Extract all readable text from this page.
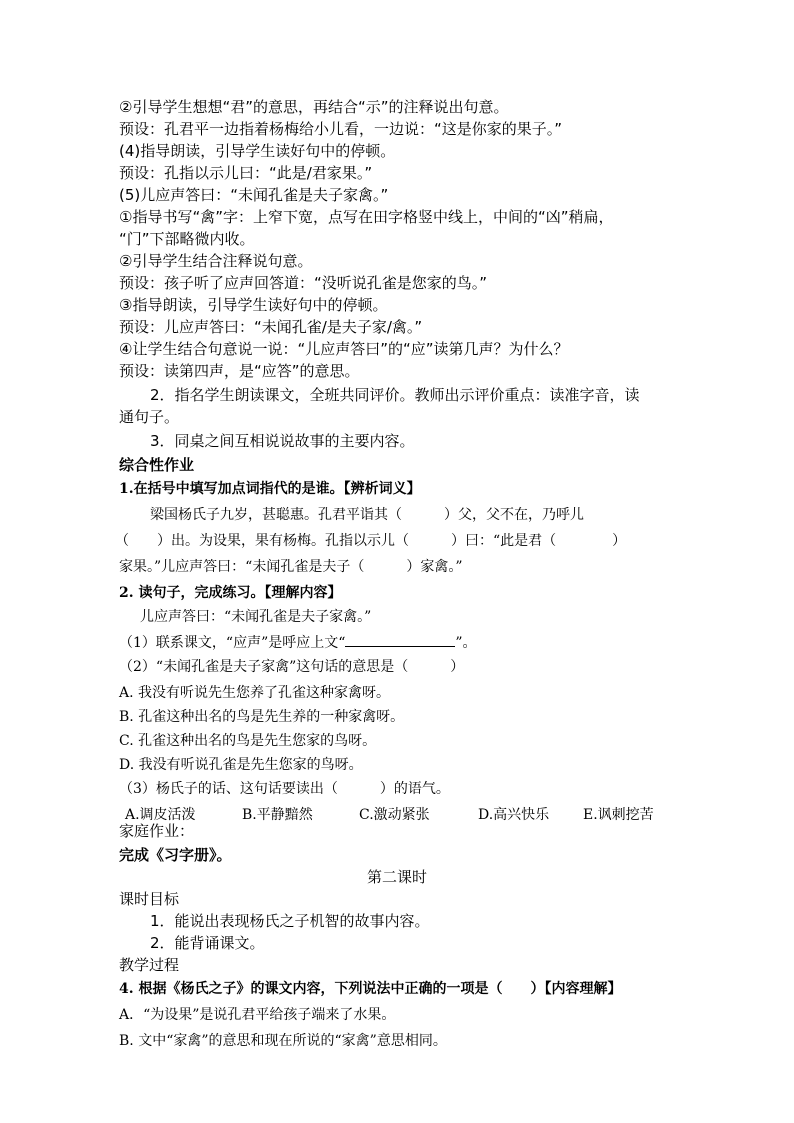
②引导学生想想“君”的意思，再结合“示”的注释说出句意。
预设：孔君平一边指着杨梅给小儿看，一边说：“这是你家的果子。”
(4)指导朗读，引导学生读好句中的停顿。
预设：孔指以示儿曰：“此是/君家果。”
(5)儿应声答曰：“未闻孔雀是夫子家禽。”
①指导书写“禽”字：上窄下宽，点写在田字格竖中线上，中间的“凶”稍扁，
“门”下部略微内收。
②引导学生结合注释说句意。
预设：孩子听了应声回答道：“没听说孔雀是您家的鸟。”
③指导朗读，引导学生读好句中的停顿。
预设：儿应声答曰：“未闻孔雀/是夫子家/禽。”
④让学生结合句意说一说：“儿应声答曰”的“应”读第几声？为什么？
预设：读第四声，是“应答”的意思。
2．指名学生朗读课文，全班共同评价。教师出示评价重点：读准字音，读
通句子。
3．同桌之间互相说说故事的主要内容。
综合性作业
1.在括号中填写加点词指代的是谁。【辨析词义】
梁国杨氏子九岁，甚聪惠。孔君平诣其（　　　）父，父不在，乃呼儿
（　　）出。为设果，果有杨梅。孔指以示儿（　　　）曰：“此是君（　　　　）
家果。”儿应声答曰：“未闻孔雀是夫子（　　　）家禽。”
2. 读句子，完成练习。【理解内容】
儿应声答曰：“未闻孔雀是夫子家禽。”
（1）联系课文，“应声”是呼应上文“	”。
（2）“未闻孔雀是夫子家禽”这句话的意思是（　　　）
A. 我没有听说先生您养了孔雀这种家禽呀。
B. 孔雀这种出名的鸟是先生养的一种家禽呀。
C. 孔雀这种出名的鸟是先生您家的鸟呀。
D. 我没有听说孔雀是先生您家的鸟呀。
（3）杨氏子的话、这句话要读出（　　　）的语气。
A.调皮活泼	B.平静黯然	C.激动紧张	D.高兴快乐 E.讽刺挖苦
家庭作业：
完成《习字册》。
第二课时
课时目标
1．能说出表现杨氏之子机智的故事内容。
2．能背诵课文。
教学过程
4. 根据《杨氏之子》的课文内容，下列说法中正确的一项是（　　）【内容理解】
A．“为设果”是说孔君平给孩子端来了水果。
B. 文中“家禽”的意思和现在所说的“家禽”意思相同。
